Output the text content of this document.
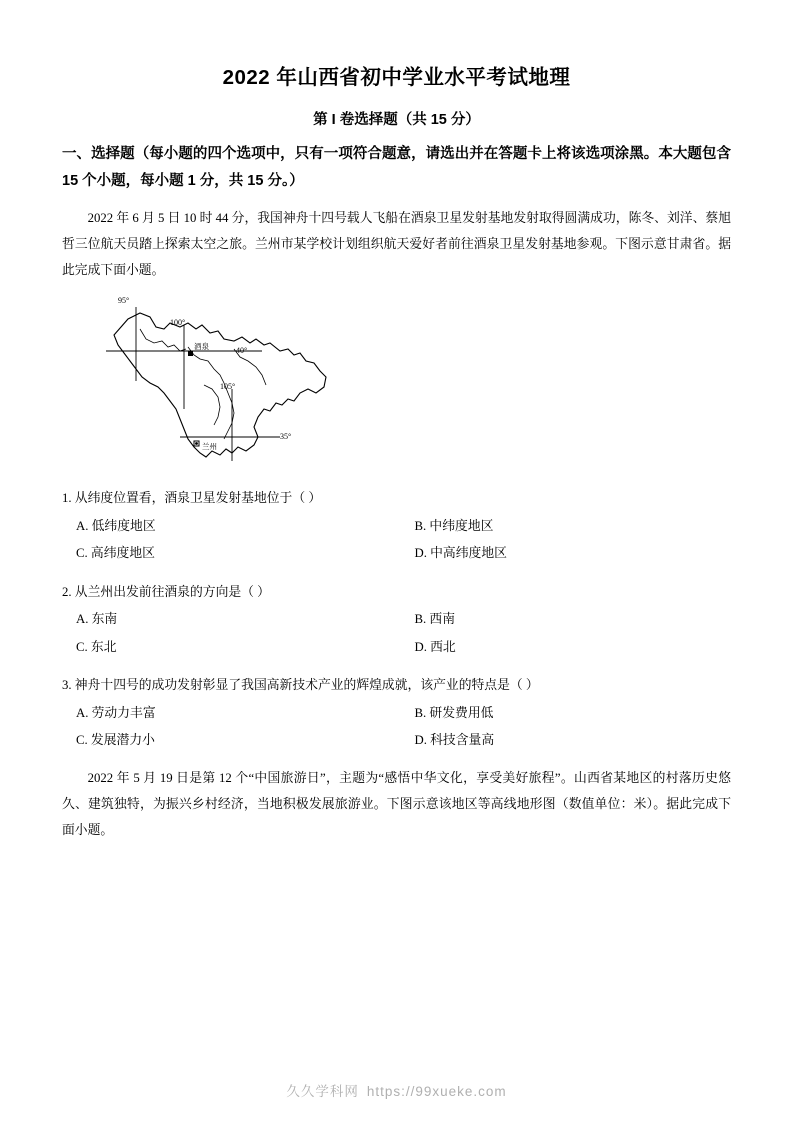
2022 年山西省初中学业水平考试地理
第 I 卷选择题（共 15 分）
一、选择题（每小题的四个选项中，只有一项符合题意，请选出并在答题卡上将该选项涂黑。本大题包含 15 个小题，每小题 1 分，共 15 分。）
2022 年 6 月 5 日 10 时 44 分，我国神舟十四号载人飞船在酒泉卫星发射基地发射取得圆满成功，陈冬、刘洋、蔡旭哲三位航天员踏上探索太空之旅。兰州市某学校计划组织航天爱好者前往酒泉卫星发射基地参观。下图示意甘肃省。据此完成下面小题。
95°
100°
40°
105°
35°
酒泉
兰州
1. 从纬度位置看，酒泉卫星发射基地位于（ ）
A. 低纬度地区	B. 中纬度地区
C. 高纬度地区	D. 中高纬度地区
2. 从兰州出发前往酒泉的方向是（ ）
A. 东南	B. 西南
C. 东北	D. 西北
3. 神舟十四号的成功发射彰显了我国高新技术产业的辉煌成就，该产业的特点是（ ）
A. 劳动力丰富	B. 研发费用低
C. 发展潜力小	D. 科技含量高
2022 年 5 月 19 日是第 12 个“中国旅游日”，主题为“感悟中华文化，享受美好旅程”。山西省某地区的村落历史悠久、建筑独特，为振兴乡村经济，当地积极发展旅游业。下图示意该地区等高线地形图（数值单位：米）。据此完成下面小题。
久久学科网 https://99xueke.com
